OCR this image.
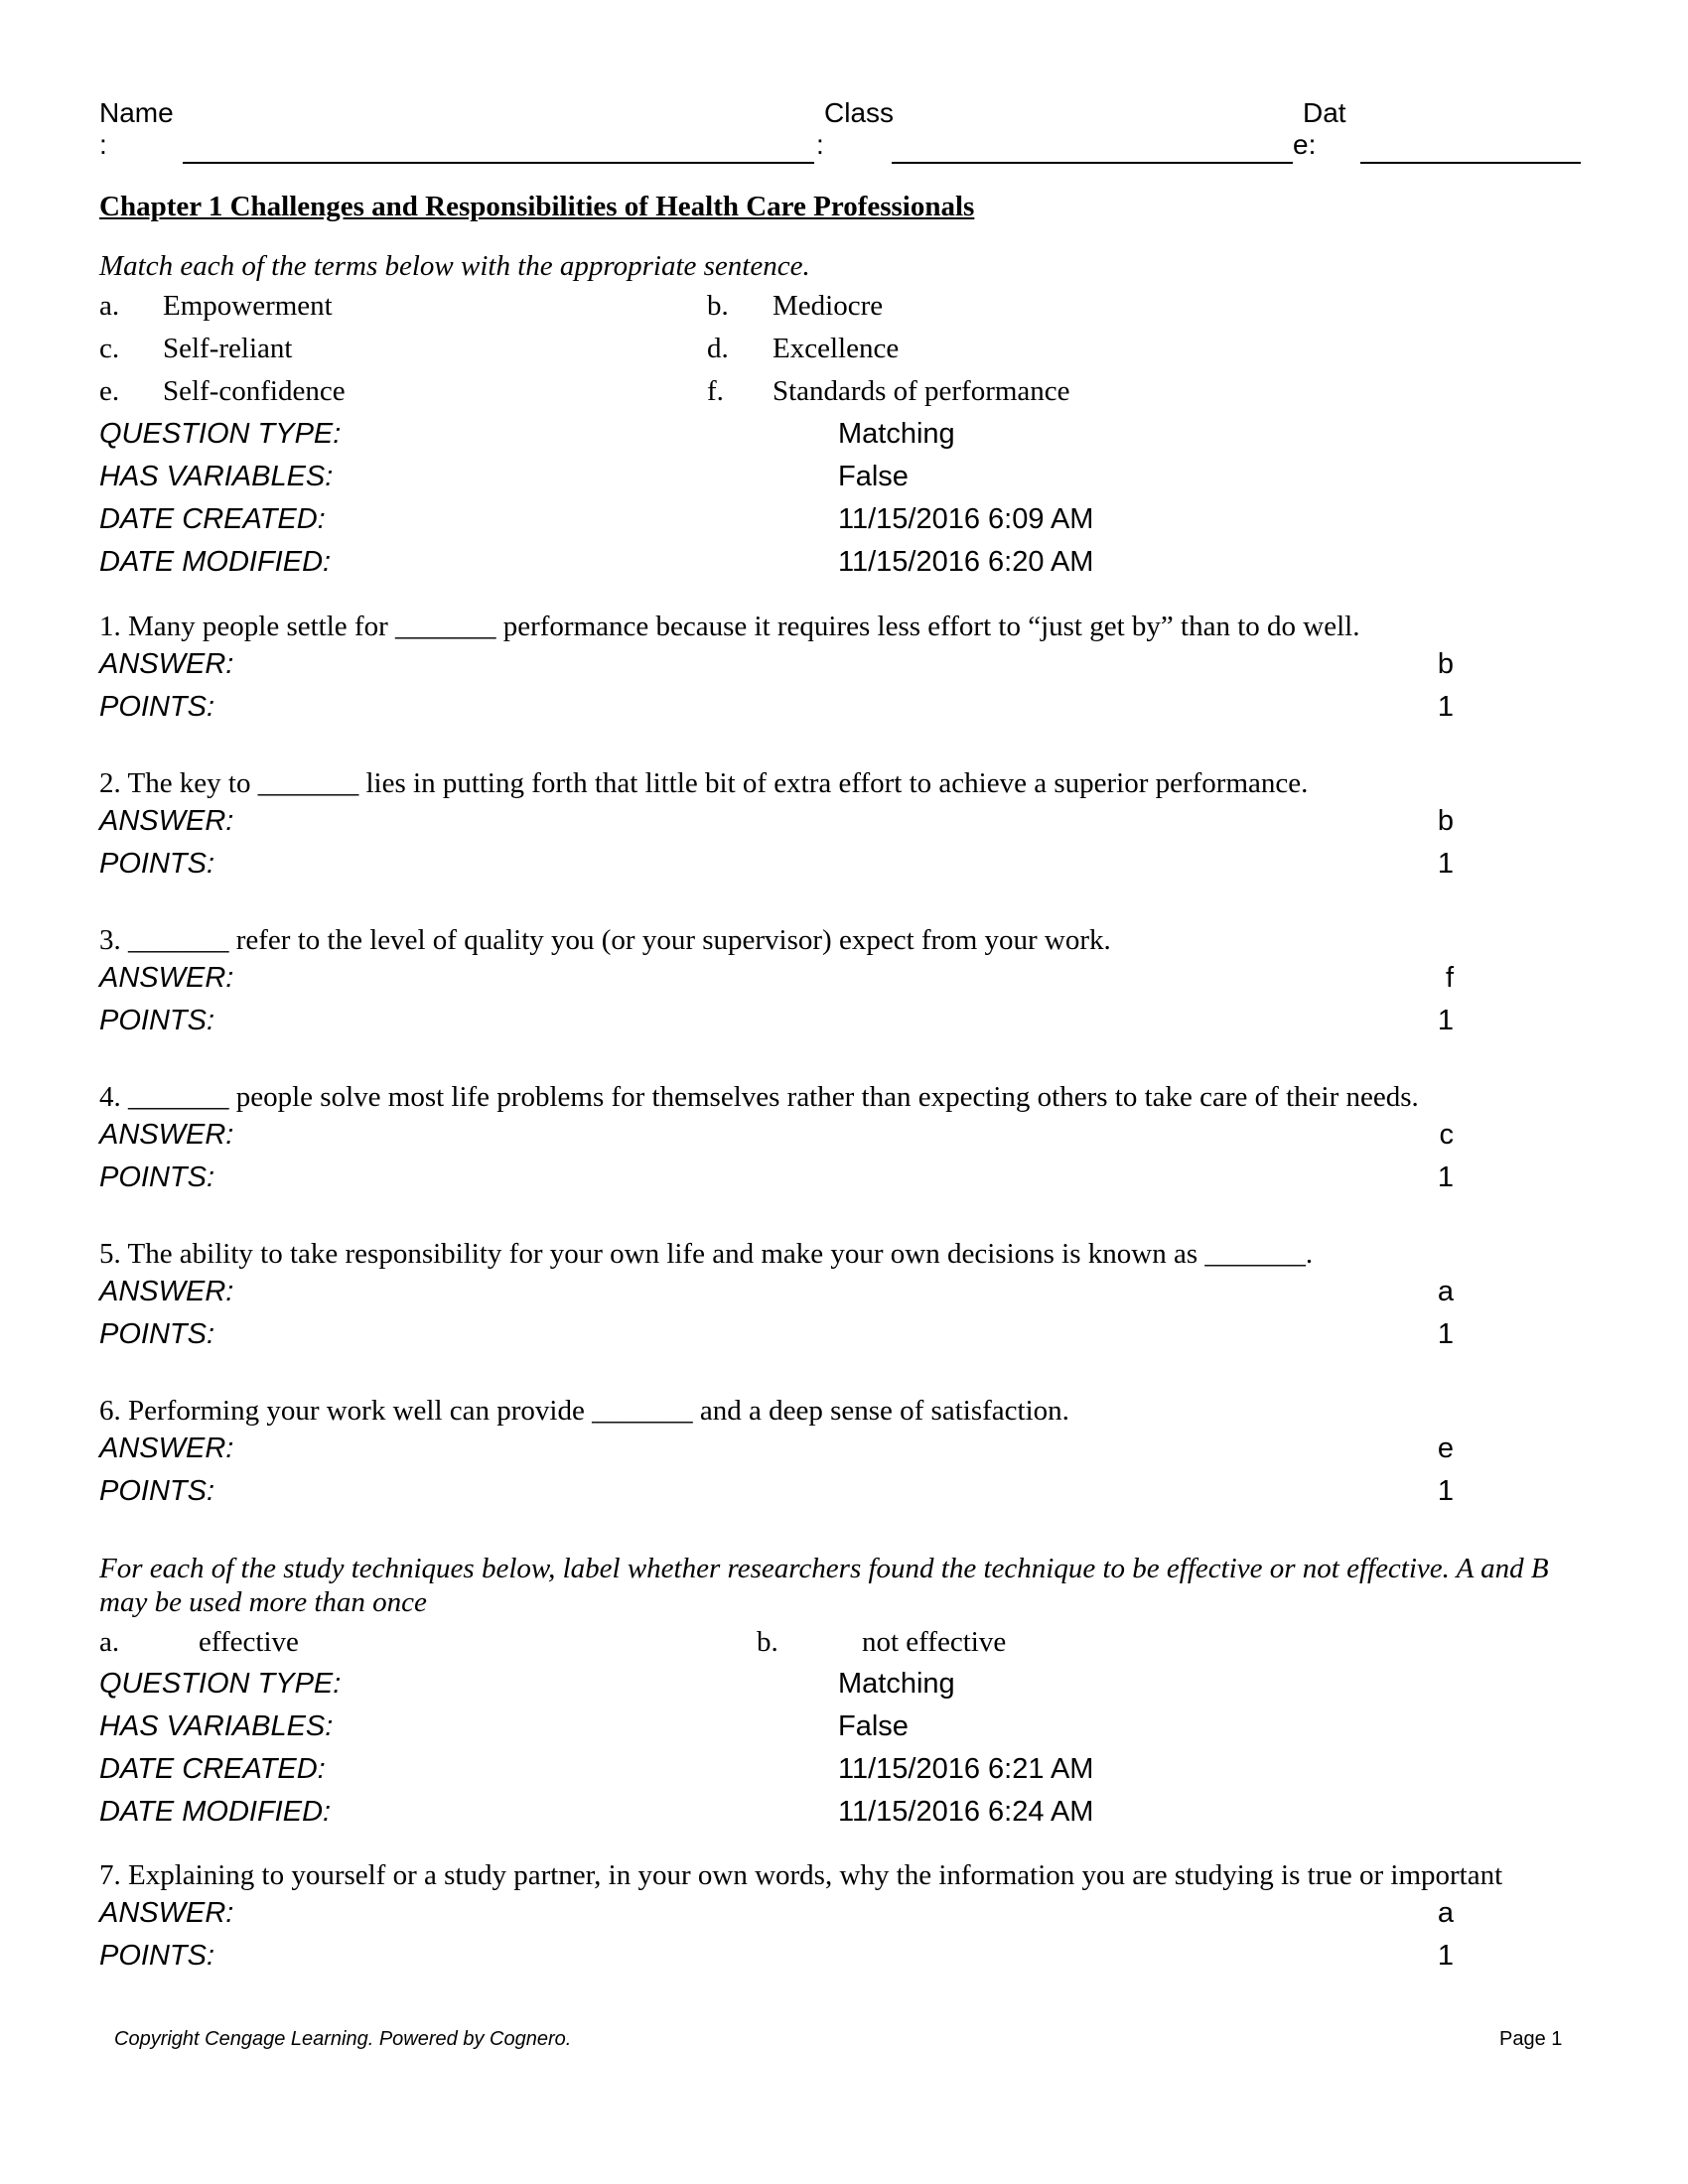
Name
:
Class
:
Dat
e:
Chapter 1 Challenges and Responsibilities of Health Care Professionals
Match each of the terms below with the appropriate sentence.
a. Empowerment	b. Mediocre
c. Self-reliant	d. Excellence
e. Self-confidence	f. Standards of performance
QUESTION TYPE:	Matching
HAS VARIABLES:	False
DATE CREATED:	11/15/2016 6:09 AM
DATE MODIFIED:	11/15/2016 6:20 AM
1. Many people settle for _______ performance because it requires less effort to “just get by” than to do well.
ANSWER:	b
POINTS:	1
2. The key to _______ lies in putting forth that little bit of extra effort to achieve a superior performance.
ANSWER:	b
POINTS:	1
3. _______ refer to the level of quality you (or your supervisor) expect from your work.
ANSWER:	f
POINTS:	1
4. _______ people solve most life problems for themselves rather than expecting others to take care of their needs.
ANSWER:	c
POINTS:	1
5. The ability to take responsibility for your own life and make your own decisions is known as _______.
ANSWER:	a
POINTS:	1
6. Performing your work well can provide _______ and a deep sense of satisfaction.
ANSWER:	e
POINTS:	1
For each of the study techniques below, label whether researchers found the technique to be effective or not effective. A and B may be used more than once
a.	effective	b.	not effective
QUESTION TYPE:	Matching
HAS VARIABLES:	False
DATE CREATED:	11/15/2016 6:21 AM
DATE MODIFIED:	11/15/2016 6:24 AM
7. Explaining to yourself or a study partner, in your own words, why the information you are studying is true or important
ANSWER:	a
POINTS:	1
Copyright Cengage Learning. Powered by Cognero.	Page 1
